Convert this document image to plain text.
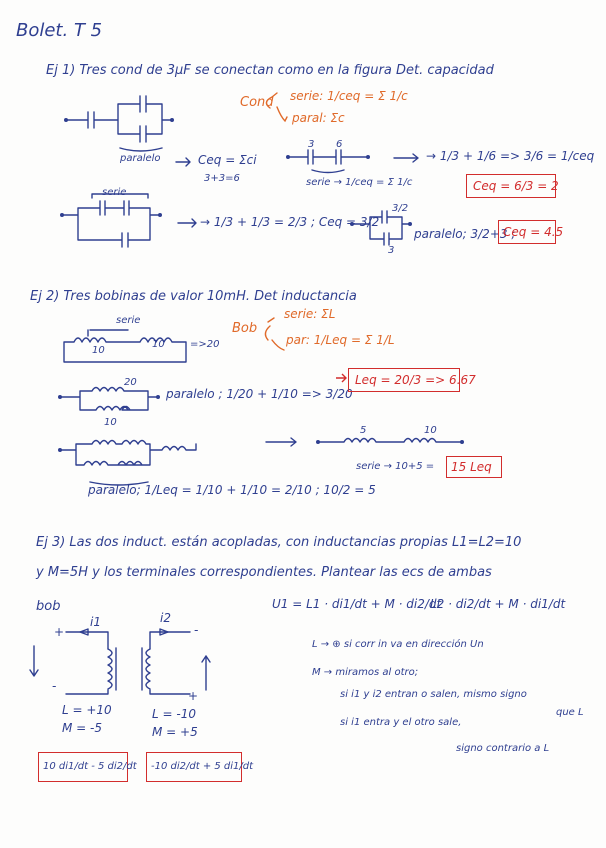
Bolet. T 5
Ej 1) Tres cond de 3μF se conectan como en la figura Det. capacidad
Cond serie: 1/ceq = Σ 1/c
paral: Σc
paralelo	Ceq = Σci
3+3=6
3 6
serie → 1/ceq = Σ 1/c
→ 1/3 + 1/6 => 3/6 = 1/ceq
Ceq = 6/3 = 2
serie
→ 1/3 + 1/3 = 2/3 ; Ceq = 3/2
3/2
3
paralelo; 3/2+3 ;
Ceq = 4.5
Ej 2) Tres bobinas de valor 10mH. Det inductancia
serie
10
10	=>20
Bob
serie: ΣL
par: 1/Leq = Σ 1/L
20
10
paralelo ; 1/20 + 1/10 => 3/20
Leq = 20/3 => 6.67
5	10
serie → 10+5 = 15 Leq
paralelo; 1/Leq = 1/10 + 1/10 = 2/10 ; 10/2 = 5
Ej 3) Las dos induct. están acopladas, con inductancias propias L1=L2=10
y M=5H y los terminales correspondientes. Plantear las ecs de ambas
bob
i1	i2
+
-
-
+
U1 = L1 · di1/dt + M · di2/dt
L2 · di2/dt + M · di1/dt
L → ⊕ si corr in va en dirección Un
M → miramos al otro;
si i1 y i2 entran o salen, mismo signo
que L
si i1 entra y el otro sale,
signo contrario a L
L = +10
M = -5
L = -10
M = +5
10 di1/dt - 5 di2/dt -10 di2/dt + 5 di1/dt
